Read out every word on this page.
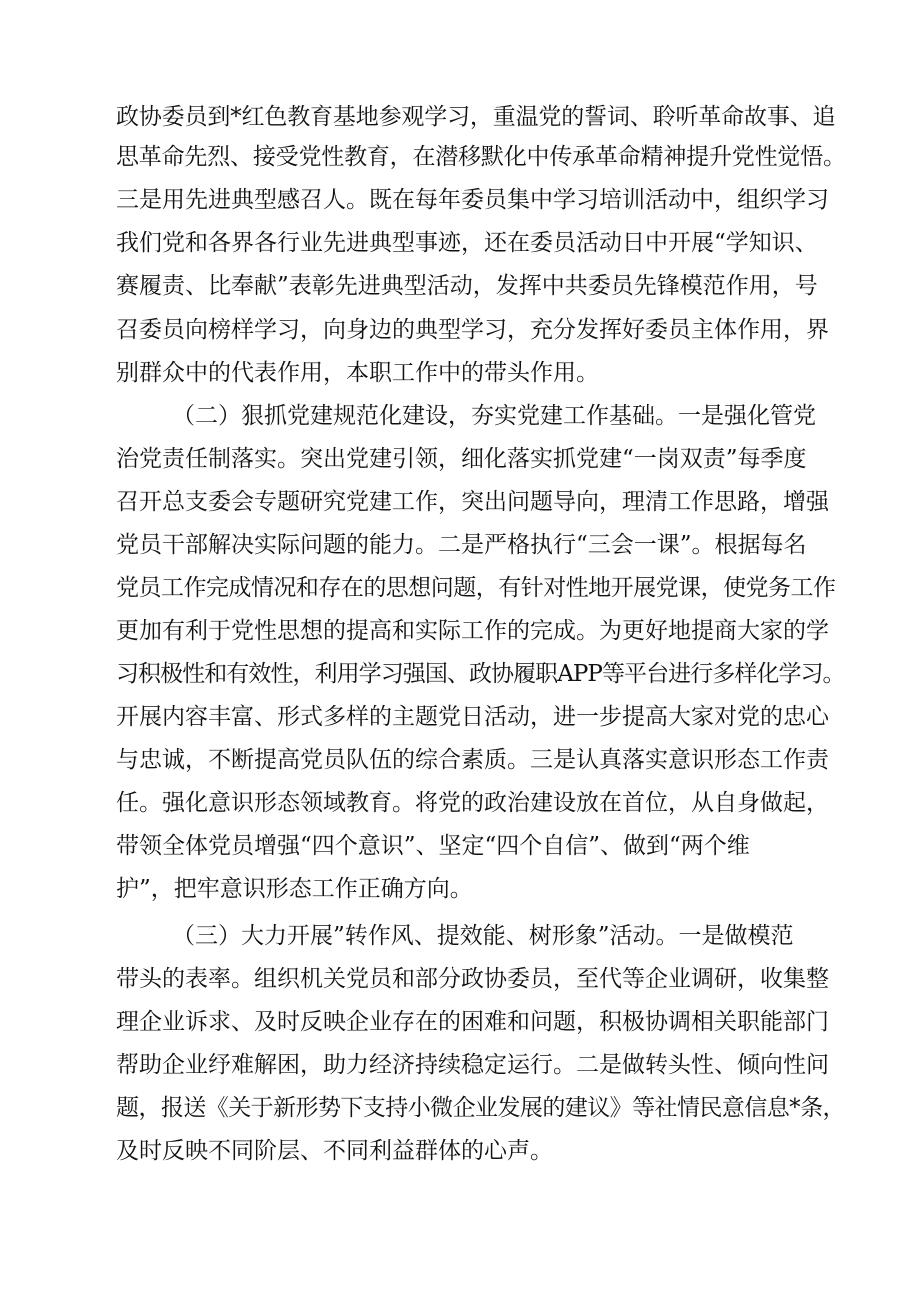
政协委员到*红色教育基地参观学习，重温党的誓词、聆听革命故事、追

思革命先烈、接受党性教育，在潜移默化中传承革命精神提升党性觉悟。

三是用先进典型感召人。既在每年委员集中学习培训活动中，组织学习

我们党和各界各行业先进典型事迹，还在委员活动日中开展“学知识、

赛履责、比奉献”表彰先进典型活动，发挥中共委员先锋模范作用，号

召委员向榜样学习，向身边的典型学习，充分发挥好委员主体作用，界

别群众中的代表作用，本职工作中的带头作用。

（二）狠抓党建规范化建设，夯实党建工作基础。一是强化管党

治党责任制落实。突出党建引领，细化落实抓党建“一岗双责”每季度

召开总支委会专题研究党建工作，突出问题导向，理清工作思路，增强

党员干部解决实际问题的能力。二是严格执行“三会一课”。根据每名

党员工作完成情况和存在的思想问题，有针对性地开展党课，使党务工作

更加有利于党性思想的提高和实际工作的完成。为更好地提商大家的学

习积极性和有效性，利用学习强国、政协履职APP等平台进行多样化学习。

开展内容丰富、形式多样的主题党日活动，进一步提高大家对党的忠心

与忠诚，不断提高党员队伍的综合素质。三是认真落实意识形态工作责

任。强化意识形态领域教育。将党的政治建设放在首位，从自身做起，

带领全体党员增强“四个意识”、坚定“四个自信”、做到“两个维

护”，把牢意识形态工作正确方向。

（三）大力开展”转作风、提效能、树形象”活动。一是做模范

带头的表率。组织机关党员和部分政协委员，至代等企业调研，收集整

理企业诉求、及时反映企业存在的困难和问题，积极协调相关职能部门

帮助企业纾难解困，助力经济持续稳定运行。二是做转头性、倾向性问

题，报送《关于新形势下支持小微企业发展的建议》等社情民意信息*条，

及时反映不同阶层、不同利益群体的心声。
